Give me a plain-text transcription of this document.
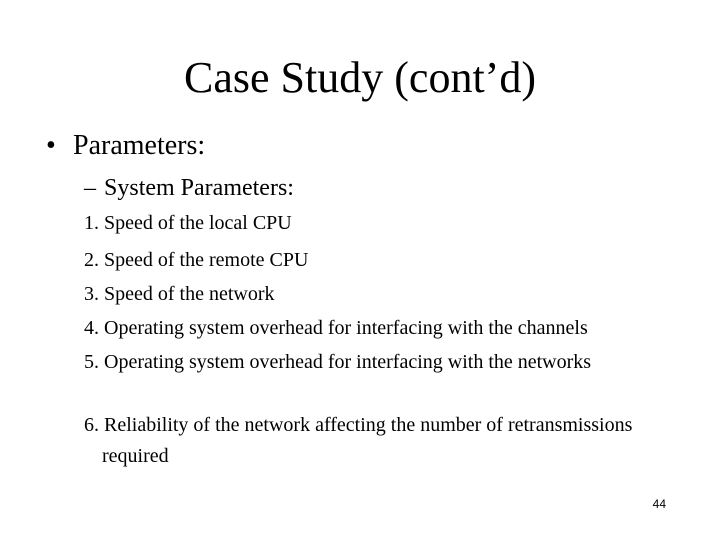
Case Study (cont’d)
• Parameters:
– System Parameters:
1. Speed of the local CPU
2. Speed of the remote CPU
3. Speed of the network
4. Operating system overhead for interfacing with the channels
5. Operating system overhead for interfacing with the networks
6. Reliability of the network affecting the number of retransmissions required
44
